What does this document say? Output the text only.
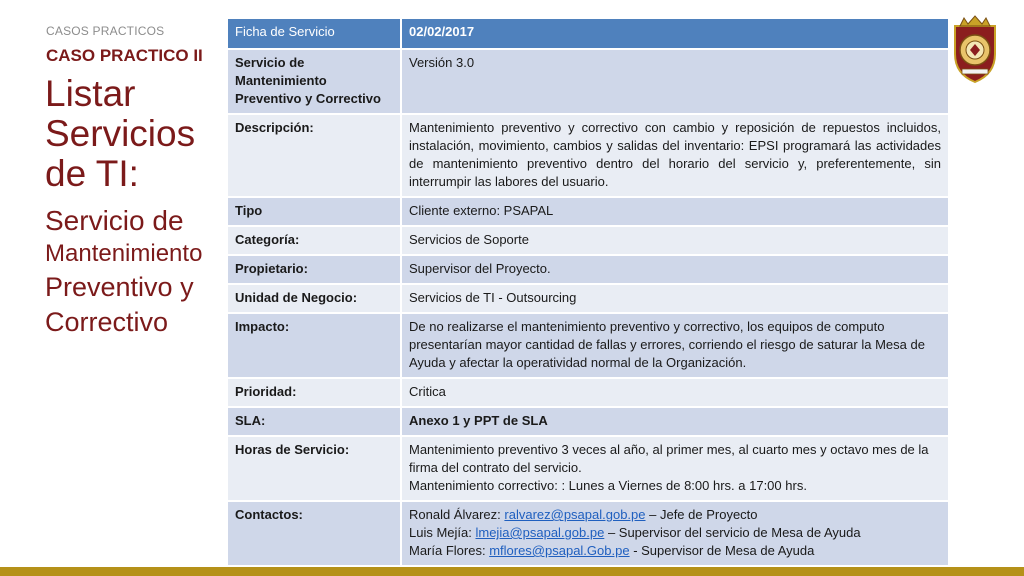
CASOS PRACTICOS
CASO PRACTICO II
Listar
Servicios
de TI:
Servicio de
Mantenimiento
Preventivo y
Correctivo
Ficha de Servicio	02/02/2017
Servicio de Mantenimiento Preventivo y Correctivo	Versión 3.0
Descripción:	Mantenimiento preventivo y correctivo con cambio y reposición de repuestos incluidos, instalación, movimiento, cambios y salidas del inventario: EPSI programará las actividades de mantenimiento preventivo dentro del horario del servicio y, preferentemente, sin interrumpir las labores del usuario.
Tipo	Cliente externo: PSAPAL
Categoría:	Servicios de Soporte
Propietario:	Supervisor del Proyecto.
Unidad de Negocio:	Servicios de TI - Outsourcing
Impacto:	De no realizarse el mantenimiento preventivo y correctivo, los equipos de computo presentarían mayor cantidad de fallas y errores, corriendo el riesgo de saturar la Mesa de Ayuda y afectar la operatividad normal de la Organización.
Prioridad:	Critica
SLA:	Anexo 1 y PPT de SLA
Horas de Servicio:	Mantenimiento preventivo 3 veces al año, al primer mes, al cuarto mes y octavo mes de la firma del contrato del servicio.
Mantenimiento correctivo: : Lunes a Viernes de 8:00 hrs. a 17:00 hrs.

Contactos:	Ronald Álvarez: ralvarez@psapal.gob.pe – Jefe de Proyecto
Luis Mejía: lmejia@psapal.gob.pe – Supervisor del servicio de Mesa de Ayuda
María Flores: mflores@psapal.Gob.pe - Supervisor de Mesa de Ayuda
